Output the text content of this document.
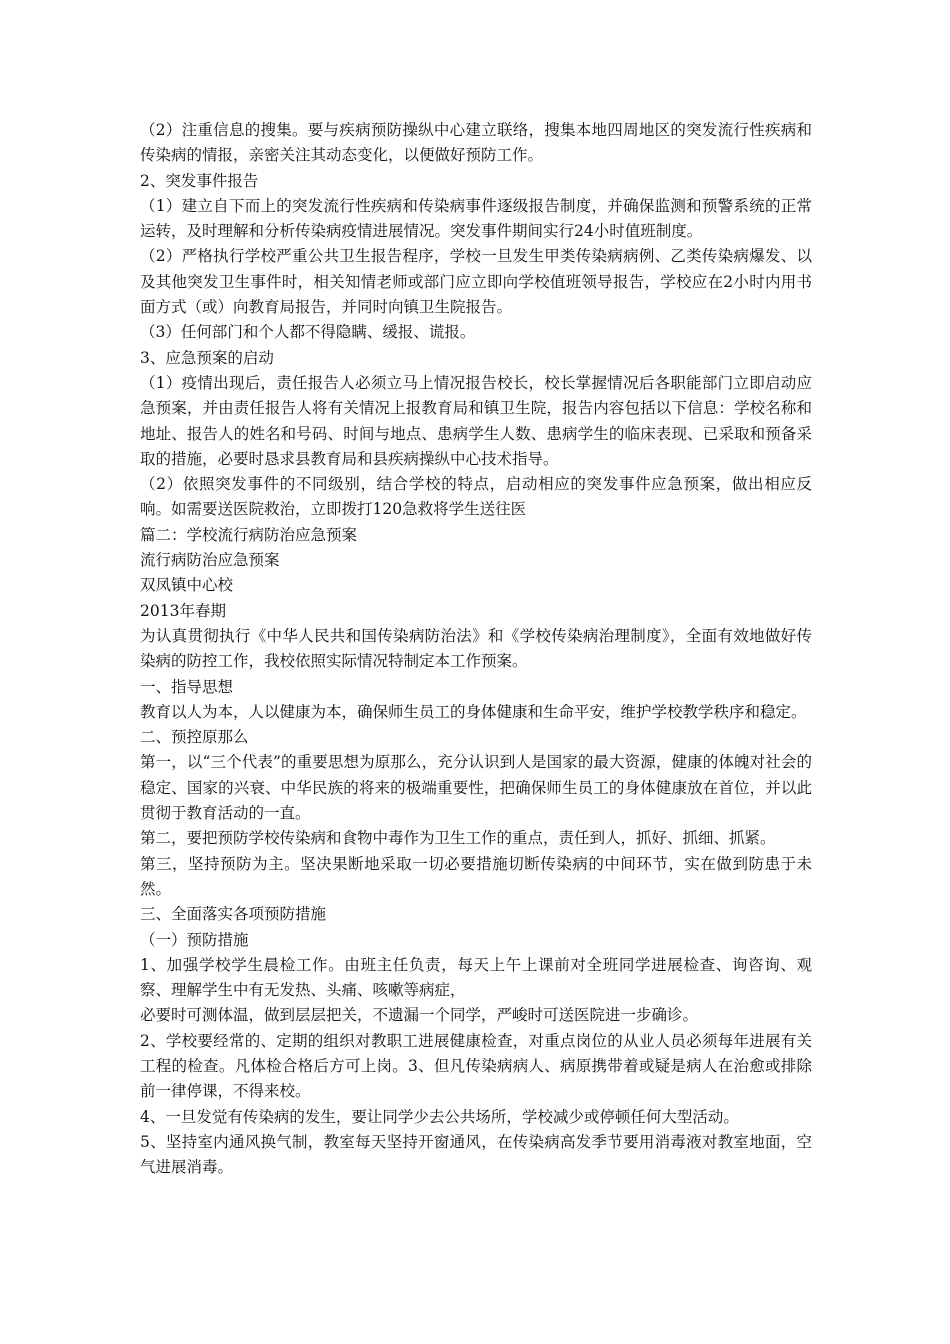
（2）注重信息的搜集。要与疾病预防操纵中心建立联络，搜集本地四周地区的突发流行性疾病和传染病的情报，亲密关注其动态变化，以便做好预防工作。

2、突发事件报告

（1）建立自下而上的突发流行性疾病和传染病事件逐级报告制度，并确保监测和预警系统的正常运转，及时理解和分析传染病疫情进展情况。突发事件期间实行24小时值班制度。

（2）严格执行学校严重公共卫生报告程序，学校一旦发生甲类传染病病例、乙类传染病爆发、以及其他突发卫生事件时，相关知情老师或部门应立即向学校值班领导报告，学校应在2小时内用书面方式（或）向教育局报告，并同时向镇卫生院报告。

（3）任何部门和个人都不得隐瞒、缓报、谎报。

3、应急预案的启动

（1）疫情出现后，责任报告人必须立马上情况报告校长，校长掌握情况后各职能部门立即启动应急预案，并由责任报告人将有关情况上报教育局和镇卫生院，报告内容包括以下信息：学校名称和地址、报告人的姓名和号码、时间与地点、患病学生人数、患病学生的临床表现、已采取和预备采取的措施，必要时恳求县教育局和县疾病操纵中心技术指导。

（2）依照突发事件的不同级别，结合学校的特点，启动相应的突发事件应急预案，做出相应反响。如需要送医院救治，立即拨打120急救将学生送往医

篇二：学校流行病防治应急预案

流行病防治应急预案

双凤镇中心校

2013年春期

为认真贯彻执行《中华人民共和国传染病防治法》和《学校传染病治理制度》，全面有效地做好传染病的防控工作，我校依照实际情况特制定本工作预案。

一、指导思想

教育以人为本，人以健康为本，确保师生员工的身体健康和生命平安，维护学校教学秩序和稳定。

二、预控原那么

第一，以“三个代表”的重要思想为原那么，充分认识到人是国家的最大资源，健康的体魄对社会的稳定、国家的兴衰、中华民族的将来的极端重要性，把确保师生员工的身体健康放在首位，并以此贯彻于教育活动的一直。

第二，要把预防学校传染病和食物中毒作为卫生工作的重点，责任到人，抓好、抓细、抓紧。

第三，坚持预防为主。坚决果断地采取一切必要措施切断传染病的中间环节，实在做到防患于未然。

三、全面落实各项预防措施

（一）预防措施

1、加强学校学生晨检工作。由班主任负责，每天上午上课前对全班同学进展检查、询咨询、观察、理解学生中有无发热、头痛、咳嗽等病症，

必要时可测体温，做到层层把关，不遗漏一个同学，严峻时可送医院进一步确诊。

2、学校要经常的、定期的组织对教职工进展健康检查，对重点岗位的从业人员必须每年进展有关工程的检查。凡体检合格后方可上岗。3、但凡传染病病人、病原携带着或疑是病人在治愈或排除前一律停课，不得来校。

4、一旦发觉有传染病的发生，要让同学少去公共场所，学校减少或停顿任何大型活动。

5、坚持室内通风换气制，教室每天坚持开窗通风，在传染病高发季节要用消毒液对教室地面，空气进展消毒。
